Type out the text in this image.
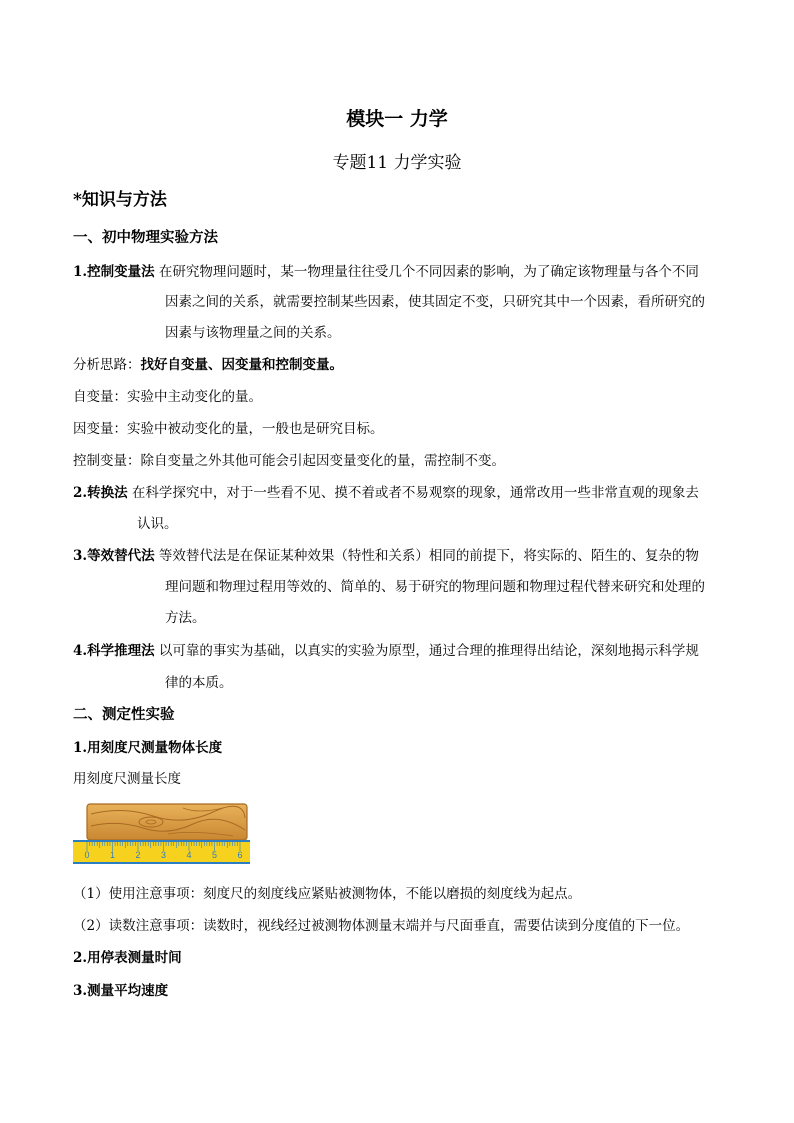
模块一 力学
专题11 力学实验
*知识与方法
一、初中物理实验方法
1.控制变量法 在研究物理问题时，某一物理量往往受几个不同因素的影响，为了确定该物理量与各个不同
因素之间的关系，就需要控制某些因素，使其固定不变，只研究其中一个因素，看所研究的
因素与该物理量之间的关系。
分析思路：找好自变量、因变量和控制变量。
自变量：实验中主动变化的量。
因变量：实验中被动变化的量，一般也是研究目标。
控制变量：除自变量之外其他可能会引起因变量变化的量，需控制不变。
2.转换法 在科学探究中，对于一些看不见、摸不着或者不易观察的现象，通常改用一些非常直观的现象去
认识。
3.等效替代法 等效替代法是在保证某种效果（特性和关系）相同的前提下，将实际的、陌生的、复杂的物
理问题和物理过程用等效的、简单的、易于研究的物理问题和物理过程代替来研究和处理的
方法。
4.科学推理法 以可靠的事实为基础，以真实的实验为原型，通过合理的推理得出结论，深刻地揭示科学规
律的本质。
二、测定性实验
1.用刻度尺测量物体长度
用刻度尺测量长度
0 1 2 3 4 5 6
（1）使用注意事项：刻度尺的刻度线应紧贴被测物体，不能以磨损的刻度线为起点。
（2）读数注意事项：读数时，视线经过被测物体测量末端并与尺面垂直，需要估读到分度值的下一位。
2.用停表测量时间
3.测量平均速度
